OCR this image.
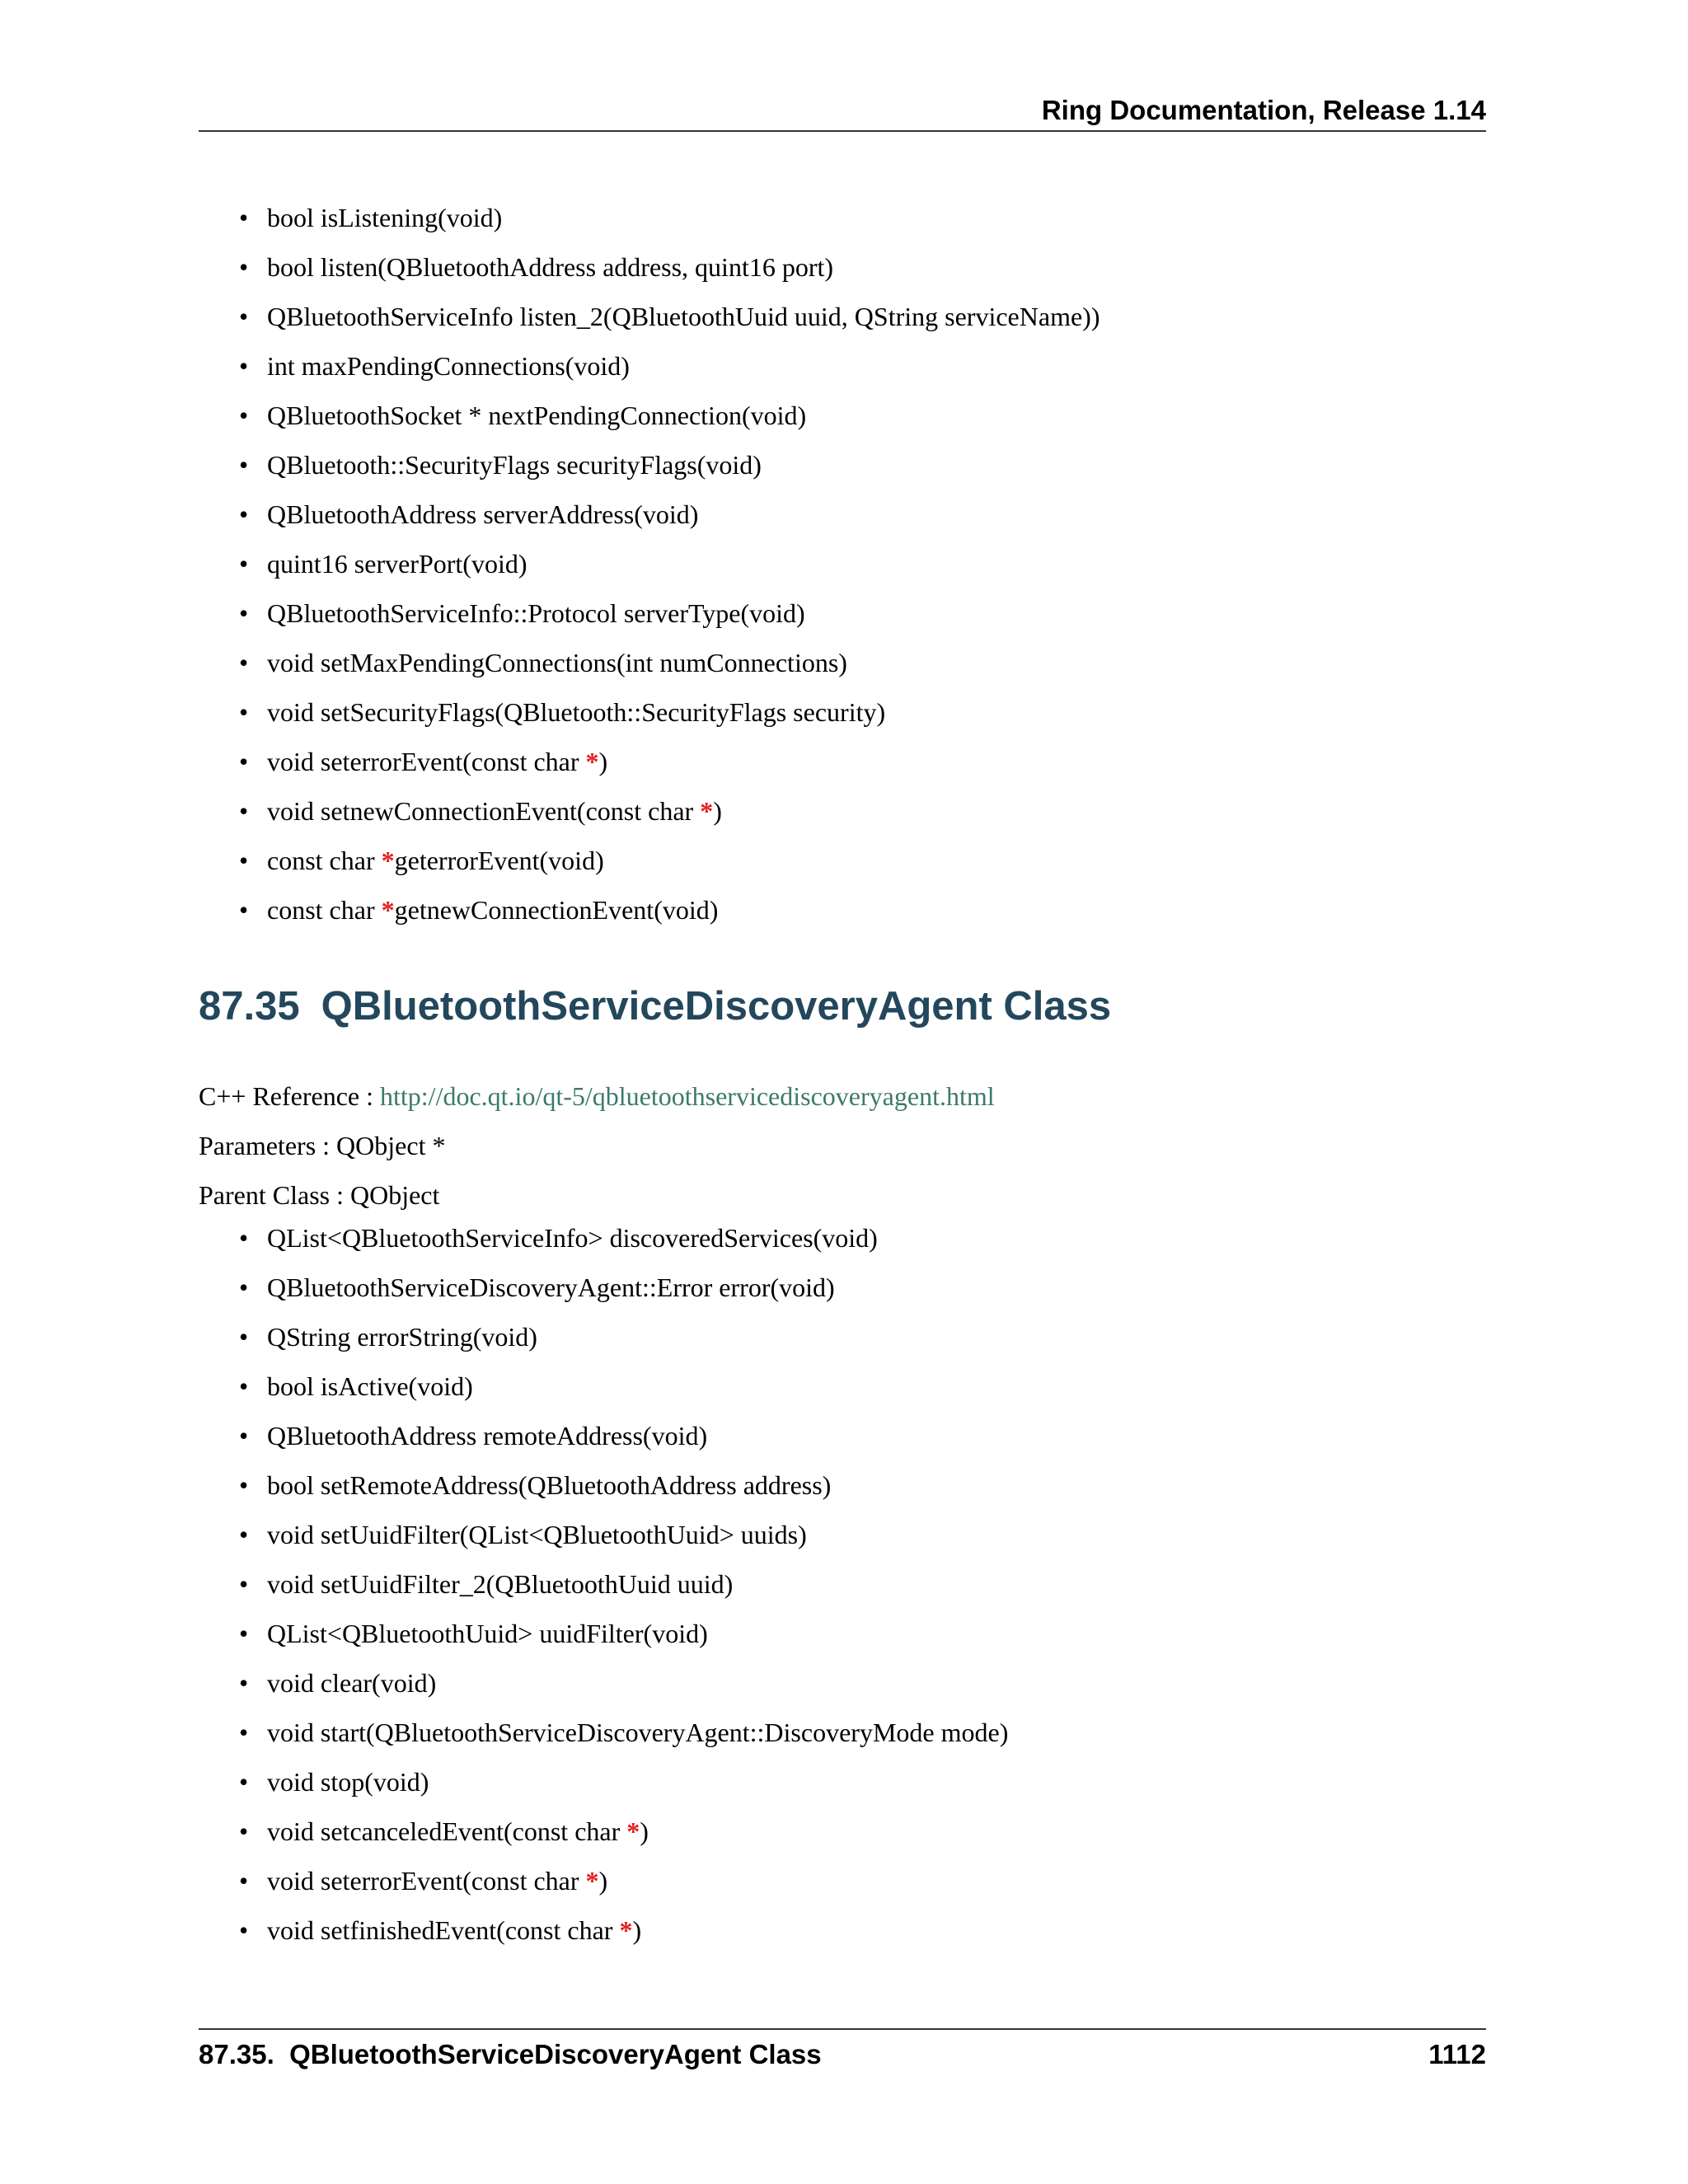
Ring Documentation, Release 1.14
• bool isListening(void)
• bool listen(QBluetoothAddress address, quint16 port)
• QBluetoothServiceInfo listen_2(QBluetoothUuid uuid, QString serviceName))
• int maxPendingConnections(void)
• QBluetoothSocket * nextPendingConnection(void)
• QBluetooth::SecurityFlags securityFlags(void)
• QBluetoothAddress serverAddress(void)
• quint16 serverPort(void)
• QBluetoothServiceInfo::Protocol serverType(void)
• void setMaxPendingConnections(int numConnections)
• void setSecurityFlags(QBluetooth::SecurityFlags security)
• void seterrorEvent(const char *)
• void setnewConnectionEvent(const char *)
• const char *geterrorEvent(void)
• const char *getnewConnectionEvent(void)
87.35 QBluetoothServiceDiscoveryAgent Class
C++ Reference : http://doc.qt.io/qt-5/qbluetoothservicediscoveryagent.html
Parameters : QObject *
Parent Class : QObject
• QList<QBluetoothServiceInfo> discoveredServices(void)
• QBluetoothServiceDiscoveryAgent::Error error(void)
• QString errorString(void)
• bool isActive(void)
• QBluetoothAddress remoteAddress(void)
• bool setRemoteAddress(QBluetoothAddress address)
• void setUuidFilter(QList<QBluetoothUuid> uuids)
• void setUuidFilter_2(QBluetoothUuid uuid)
• QList<QBluetoothUuid> uuidFilter(void)
• void clear(void)
• void start(QBluetoothServiceDiscoveryAgent::DiscoveryMode mode)
• void stop(void)
• void setcanceledEvent(const char *)
• void seterrorEvent(const char *)
• void setfinishedEvent(const char *)
87.35.  QBluetoothServiceDiscoveryAgent Class	1112
